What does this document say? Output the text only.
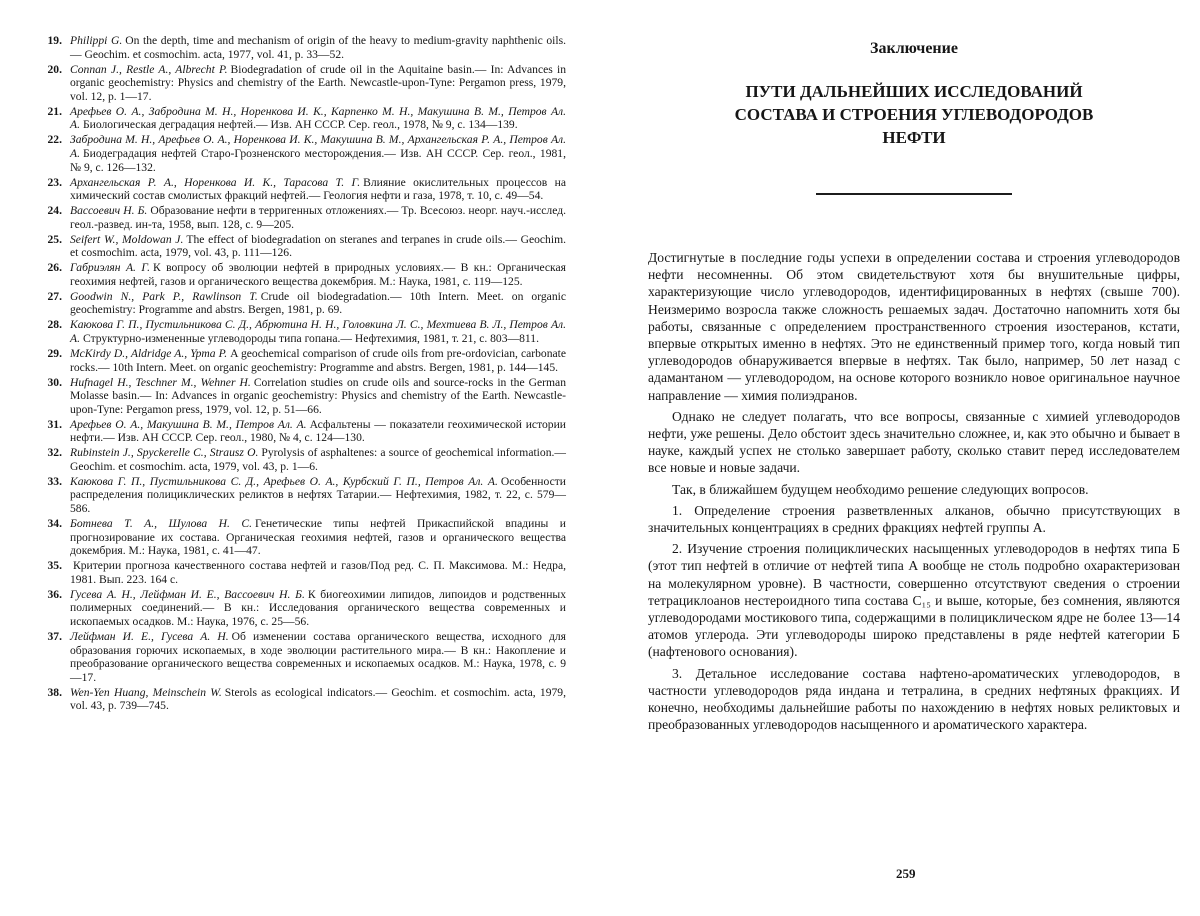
19. Philippi G. On the depth, time and mechanism of origin of the heavy to medium-gravity naphthenic oils.— Geochim. et cosmochim. acta, 1977, vol. 41, p. 33—52.
20. Connan J., Restle A., Albrecht P. Biodegradation of crude oil in the Aquitaine basin.— In: Advances in organic geochemistry: Physics and chemistry of the Earth. Newcastle-upon-Tyne: Pergamon press, 1979, vol. 12, p. 1—17.
21. Арефьев О. А., Забродина М. Н., Норенкова И. К., Карпенко М. Н., Макушина В. М., Петров Ал. А. Биологическая деградация нефтей.— Изв. АН СССР. Сер. геол., 1978, № 9, с. 134—139.
22. Забродина М. Н., Арефьев О. А., Норенкова И. К., Макушина В. М., Архангельская Р. А., Петров Ал. А. Биодеградация нефтей Старо-Грозненского месторождения.— Изв. АН СССР. Сер. геол., 1981, № 9, с. 126—132.
23. Архангельская Р. А., Норенкова И. К., Тарасова Т. Г. Влияние окислительных процессов на химический состав смолистых фракций нефтей.— Геология нефти и газа, 1978, т. 10, с. 49—54.
24. Вассоевич Н. Б. Образование нефти в терригенных отложениях.— Тр. Всесоюз. неорг. науч.-исслед. геол.-развед. ин-та, 1958, вып. 128, с. 9—205.
25. Seifert W., Moldowan J. The effect of biodegradation on steranes and terpanes in crude oils.— Geochim. et cosmochim. acta, 1979, vol. 43, p. 111—126.
26. Габриэлян А. Г. К вопросу об эволюции нефтей в природных условиях.— В кн.: Органическая геохимия нефтей, газов и органического вещества докембрия. М.: Наука, 1981, с. 119—125.
27. Goodwin N., Park P., Rawlinson T. Crude oil biodegradation.— 10th Intern. Meet. on organic geochemistry: Programme and abstrs. Bergen, 1981, p. 69.
28. Каюкова Г. П., Пустильникова С. Д., Абрютина Н. Н., Головкина Л. С., Мехтиева В. Л., Петров Ал. А. Структурно-измененные углеводороды типа гопана.— Нефтехимия, 1981, т. 21, с. 803—811.
29. McKirdy D., Aldridge A., Ypma P. A geochemical comparison of crude oils from pre-ordovician, carbonate rocks.— 10th Intern. Meet. on organic geochemistry: Programme and abstrs. Bergen, 1981, p. 144—145.
30. Hufnagel H., Teschner M., Wehner H. Correlation studies on crude oils and source-rocks in the German Molasse basin.— In: Advances in organic geochemistry: Physics and chemistry of the Earth. Newcastle-upon-Tyne: Pergamon press, 1979, vol. 12, p. 51—66.
31. Арефьев О. А., Макушина В. М., Петров Ал. А. Асфальтены — показатели геохимической истории нефти.— Изв. АН СССР. Сер. геол., 1980, № 4, с. 124—130.
32. Rubinstein J., Spyckerelle C., Strausz O. Pyrolysis of asphaltenes: a source of geochemical information.— Geochim. et cosmochim. acta, 1979, vol. 43, p. 1—6.
33. Каюкова Г. П., Пустильникова С. Д., Арефьев О. А., Курбский Г. П., Петров Ал. А. Особенности распределения полициклических реликтов в нефтях Татарии.— Нефтехимия, 1982, т. 22, с. 579—586.
34. Ботнева Т. А., Шулова Н. С. Генетические типы нефтей Прикаспийской впадины и прогнозирование их состава. Органическая геохимия нефтей, газов и органического вещества докембрия. М.: Наука, 1981, с. 41—47.
35. Критерии прогноза качественного состава нефтей и газов/Под ред. С. П. Максимова. М.: Недра, 1981. Вып. 223. 164 с.
36. Гусева А. Н., Лейфман И. Е., Вассоевич Н. Б. К биогеохимии липидов, липоидов и родственных полимерных соединений.— В кн.: Исследования органического вещества современных и ископаемых осадков. М.: Наука, 1976, с. 25—56.
37. Лейфман И. Е., Гусева А. Н. Об изменении состава органического вещества, исходного для образования горючих ископаемых, в ходе эволюции растительного мира.— В кн.: Накопление и преобразование органического вещества современных и ископаемых осадков. М.: Наука, 1978, с. 9—17.
38. Wen-Yen Huang, Meinschein W. Sterols as ecological indicators.— Geochim. et cosmochim. acta, 1979, vol. 43, p. 739—745.
Заключение
ПУТИ ДАЛЬНЕЙШИХ ИССЛЕДОВАНИЙ СОСТАВА И СТРОЕНИЯ УГЛЕВОДОРОДОВ НЕФТИ

Достигнутые в последние годы успехи в определении состава и строения углеводородов нефти несомненны. Об этом свидетельствуют хотя бы внушительные цифры, характеризующие число углеводородов, идентифицированных в нефтях (свыше 700). Неизмеримо возросла также сложность решаемых задач. Достаточно напомнить хотя бы работы, связанные с определением пространственного строения изостеранов, кстати, впервые открытых именно в нефтях. Это не единственный пример того, когда новый тип углеводородов обнаруживается впервые в нефтях. Так было, например, 50 лет назад с адамантаном — углеводородом, на основе которого возникло новое оригинальное научное направление — химия полиэдранов.

Однако не следует полагать, что все вопросы, связанные с химией углеводородов нефти, уже решены. Дело обстоит здесь значительно сложнее, и, как это обычно и бывает в науке, каждый успех не столько завершает работу, сколько ставит перед исследователем все новые и новые задачи.

Так, в ближайшем будущем необходимо решение следующих вопросов.

1. Определение строения разветвленных алканов, обычно присутствующих в значительных концентрациях в средних фракциях нефтей группы А.

2. Изучение строения полициклических насыщенных углеводородов в нефтях типа Б (этот тип нефтей в отличие от нефтей типа А вообще не столь подробно охарактеризован на молекулярном уровне). В частности, совершенно отсутствуют сведения о строении тетрациклоанов нестероидного типа состава C₁₅ и выше, которые, без сомнения, являются углеводородами мостикового типа, содержащими в полициклическом ядре не более 13—14 атомов углерода. Эти углеводороды широко представлены в ряде нефтей категории Б (нафтенового основания).

3. Детальное исследование состава нафтено-ароматических углеводородов, в частности углеводородов ряда индана и тетралина, в средних нефтяных фракциях. И конечно, необходимы дальнейшие работы по нахождению в нефтях новых реликтовых и преобразованных углеводородов насыщенного и ароматического характера.

259
